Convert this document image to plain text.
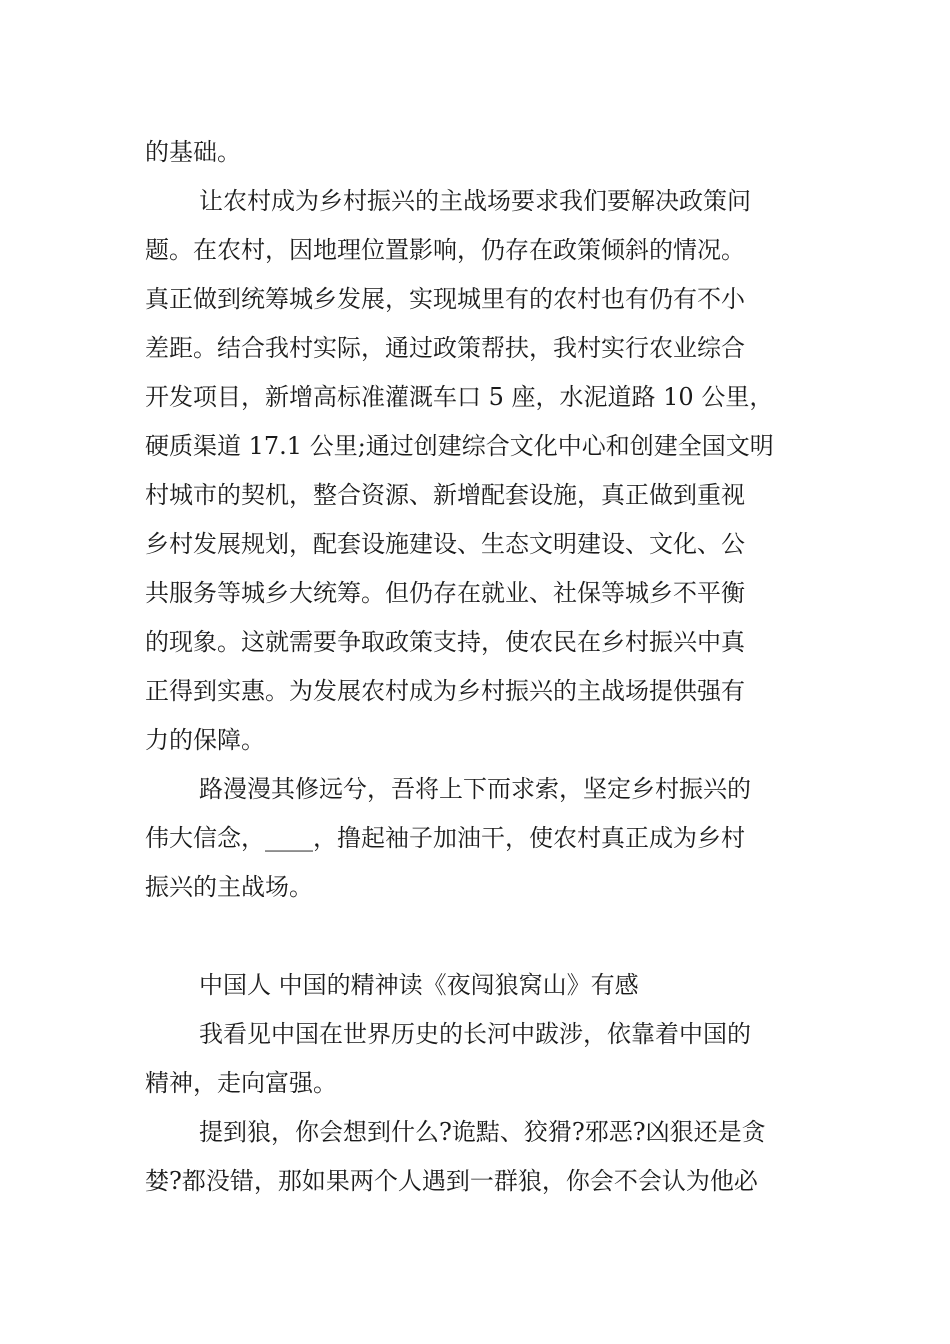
的基础。
让农村成为乡村振兴的主战场要求我们要解决政策问
题。在农村，因地理位置影响，仍存在政策倾斜的情况。
真正做到统筹城乡发展，实现城里有的农村也有仍有不小
差距。结合我村实际，通过政策帮扶，我村实行农业综合
开发项目，新增高标准灌溉车口 5 座，水泥道路 10 公里，
硬质渠道 17.1 公里;通过创建综合文化中心和创建全国文明
村城市的契机，整合资源、新增配套设施，真正做到重视
乡村发展规划，配套设施建设、生态文明建设、文化、公
共服务等城乡大统筹。但仍存在就业、社保等城乡不平衡
的现象。这就需要争取政策支持，使农民在乡村振兴中真
正得到实惠。为发展农村成为乡村振兴的主战场提供强有
力的保障。
路漫漫其修远兮，吾将上下而求索，坚定乡村振兴的
伟大信念，____，撸起袖子加油干，使农村真正成为乡村
振兴的主战场。
中国人 中国的精神读《夜闯狼窝山》有感
我看见中国在世界历史的长河中跋涉，依靠着中国的
精神，走向富强。
提到狼，你会想到什么?诡黠、狡猾?邪恶?凶狠还是贪
婪?都没错，那如果两个人遇到一群狼，你会不会认为他必
